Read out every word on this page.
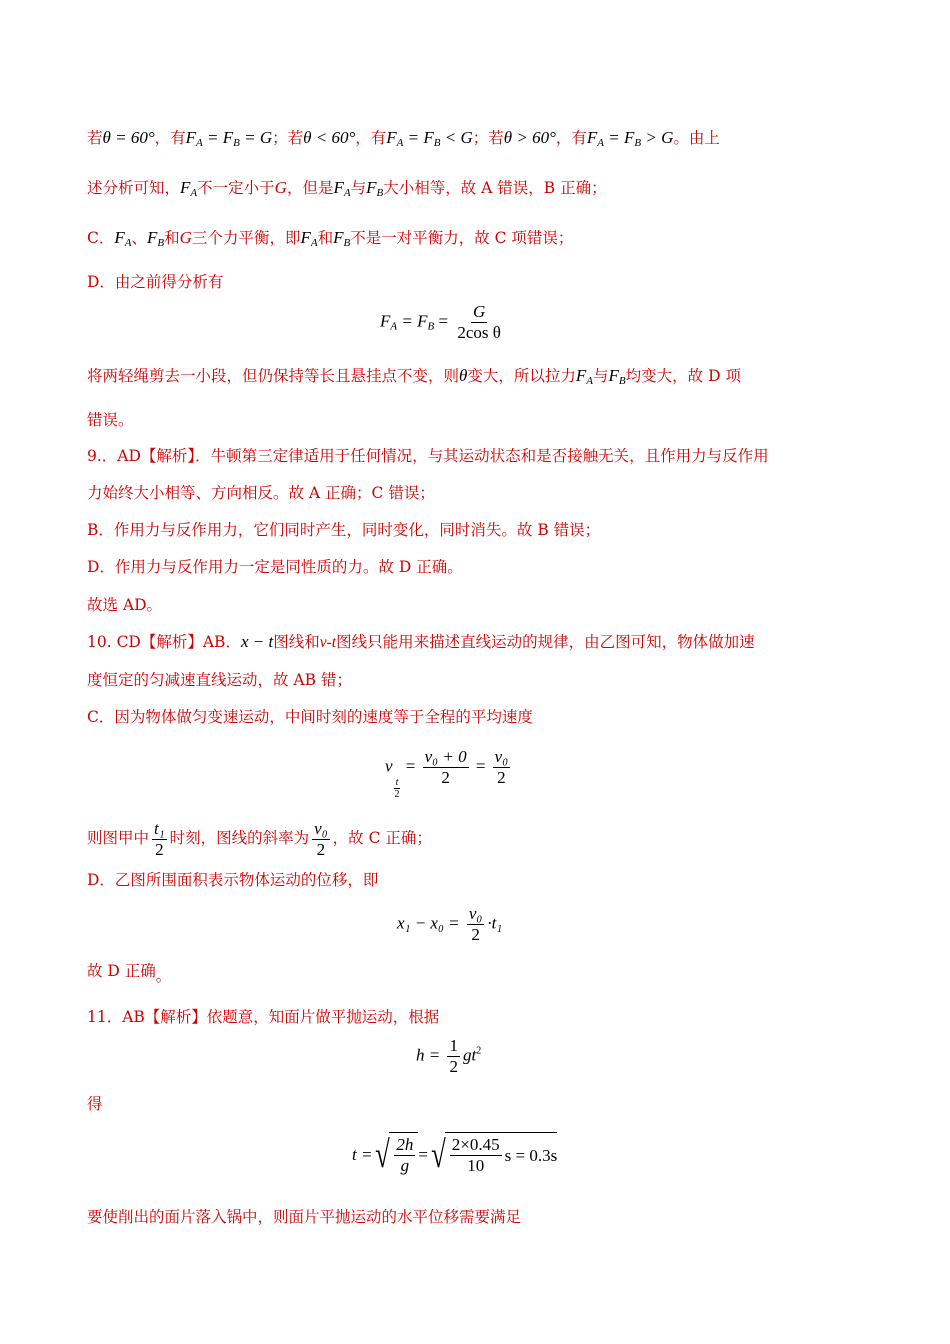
若θ = 60°，有FA = FB = G；若θ < 60°，有FA = FB < G；若θ > 60°，有FA = FB > G。由上
述分析可知，FA不一定小于G，但是FA与FB大小相等，故 A 错误，B 正确；
C．FA、FB和G三个力平衡，即FA和FB不是一对平衡力，故 C 项错误；
D．由之前得分析有
FA = FB = $\frac{G}{\text{2cos θ}}$
将两轻绳剪去一小段，但仍保持等长且悬挂点不变，则θ变大，所以拉力FA与FB均变大，故 D 项
错误。
9.．AD【解析】．牛顿第三定律适用于任何情况，与其运动状态和是否接触无关，且作用力与反作用
力始终大小相等、方向相反。故 A 正确；C 错误；
B．作用力与反作用力，它们同时产生，同时变化，同时消失。故 B 错误；
D．作用力与反作用力一定是同性质的力。故 D 正确。
故选 AD。
10. CD【解析】AB．x − t图线和v-t图线只能用来描述直线运动的规律，由乙图可知，物体做加速
度恒定的匀减速直线运动，故 AB 错；
C．因为物体做匀变速运动，中间时刻的速度等于全程的平均速度
v
$\frac{t}{2}$
= $\frac{\text{v₀ + 0}}{2} = \frac{\text{v₀}}{2}$
则图甲中 $\frac{\text{t₁}}{2}$ 时刻，图线的斜率为 $\frac{\text{v₀}}{2}$ ，故 C 正确；
D．乙图所围面积表示物体运动的位移，即
$x_1 - x_0 = \frac{\text{v₀}}{2} \cdot t_1$
故 D 正确。
11．AB【解析】依题意，知面片做平抛运动，根据
$h = \frac{1}{2} gt^2$
得
t = √ 2h
g
= √ 2×0.45
10
s = 0.3s
要使削出的面片落入锅中，则面片平抛运动的水平位移需要满足
